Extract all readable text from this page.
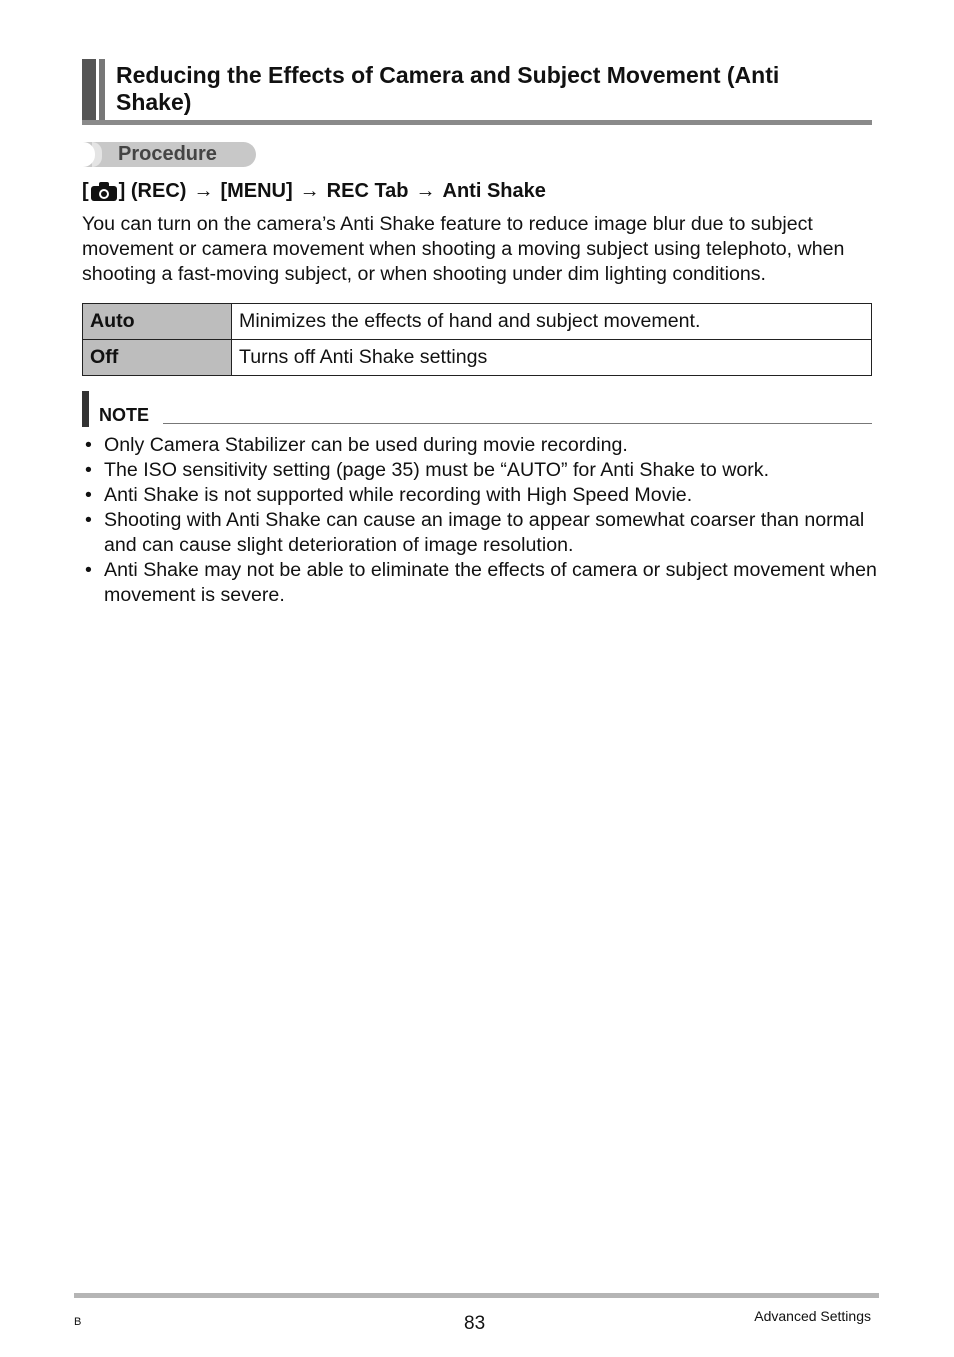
Reducing the Effects of Camera and Subject Movement (Anti Shake)
Procedure
[ ] (REC) → [MENU] → REC Tab → Anti Shake

You can turn on the camera’s Anti Shake feature to reduce image blur due to subject movement or camera movement when shooting a moving subject using telephoto, when shooting a fast-moving subject, or when shooting under dim lighting conditions.

Auto	Minimizes the effects of hand and subject movement.
Off	Turns off Anti Shake settings
NOTE
• Only Camera Stabilizer can be used during movie recording.
• The ISO sensitivity setting (page 35) must be “AUTO” for Anti Shake to work.
• Anti Shake is not supported while recording with High Speed Movie.
• Shooting with Anti Shake can cause an image to appear somewhat coarser than normal and can cause slight deterioration of image resolution.
• Anti Shake may not be able to eliminate the effects of camera or subject movement when movement is severe.
B	83	Advanced Settings
